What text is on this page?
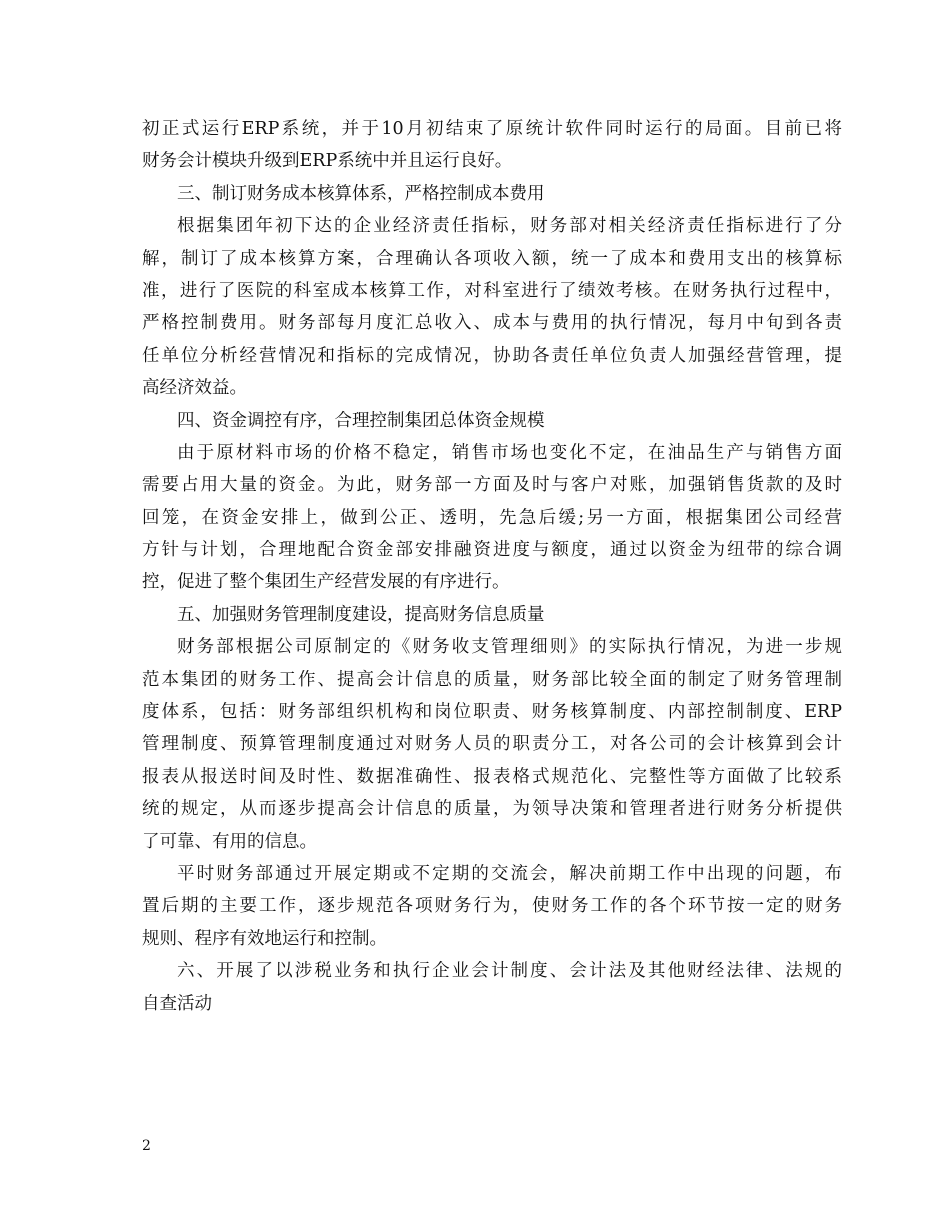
初正式运行ERP系统，并于10月初结束了原统计软件同时运行的局面。目前已将
财务会计模块升级到ERP系统中并且运行良好。
三、制订财务成本核算体系，严格控制成本费用
根据集团年初下达的企业经济责任指标，财务部对相关经济责任指标进行了分
解，制订了成本核算方案，合理确认各项收入额，统一了成本和费用支出的核算标
准，进行了医院的科室成本核算工作，对科室进行了绩效考核。在财务执行过程中，
严格控制费用。财务部每月度汇总收入、成本与费用的执行情况，每月中旬到各责
任单位分析经营情况和指标的完成情况，协助各责任单位负责人加强经营管理，提
高经济效益。
四、资金调控有序，合理控制集团总体资金规模
由于原材料市场的价格不稳定，销售市场也变化不定，在油品生产与销售方面
需要占用大量的资金。为此，财务部一方面及时与客户对账，加强销售货款的及时
回笼，在资金安排上，做到公正、透明，先急后缓;另一方面，根据集团公司经营
方针与计划，合理地配合资金部安排融资进度与额度，通过以资金为纽带的综合调
控，促进了整个集团生产经营发展的有序进行。
五、加强财务管理制度建设，提高财务信息质量
财务部根据公司原制定的《财务收支管理细则》的实际执行情况，为进一步规
范本集团的财务工作、提高会计信息的质量，财务部比较全面的制定了财务管理制
度体系，包括：财务部组织机构和岗位职责、财务核算制度、内部控制制度、ERP
管理制度、预算管理制度通过对财务人员的职责分工，对各公司的会计核算到会计
报表从报送时间及时性、数据准确性、报表格式规范化、完整性等方面做了比较系
统的规定，从而逐步提高会计信息的质量，为领导决策和管理者进行财务分析提供
了可靠、有用的信息。
平时财务部通过开展定期或不定期的交流会，解决前期工作中出现的问题，布
置后期的主要工作，逐步规范各项财务行为，使财务工作的各个环节按一定的财务
规则、程序有效地运行和控制。
六、开展了以涉税业务和执行企业会计制度、会计法及其他财经法律、法规的
自查活动
2
